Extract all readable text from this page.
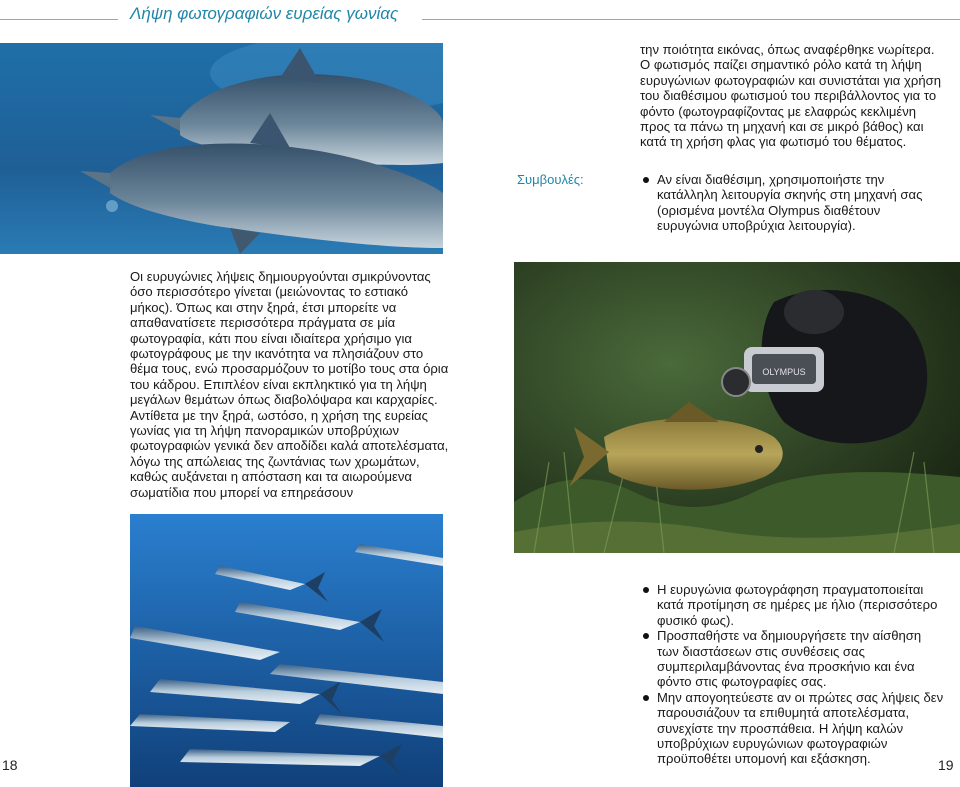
Λήψη φωτογραφιών ευρείας γωνίας

την ποιότητα εικόνας, όπως αναφέρθηκε νωρίτερα. Ο φωτισμός παίζει σημαντικό ρόλο κατά τη λήψη ευρυγώνιων φωτογραφιών και συνιστάται για χρήση του διαθέσιμου φωτισμού του περιβάλλοντος για το φόντο (φωτογραφίζοντας με ελαφρώς κεκλιμένη προς τα πάνω τη μηχανή και σε μικρό βάθος) και κατά τη χρήση φλας για φωτισμό του θέματος.

Συμβουλές:	Αν είναι διαθέσιμη, χρησιμοποιήστε την κατάλληλη λειτουργία σκηνής στη μηχανή σας (ορισμένα μοντέλα Olympus διαθέτουν ευρυγώνια υποβρύχια λειτουργία).

Οι ευρυγώνιες λήψεις δημιουργούνται σμικρύνοντας όσο περισσότερο γίνεται (μειώνοντας το εστιακό μήκος). Όπως και στην ξηρά, έτσι μπορείτε να απαθανατίσετε περισσότερα πράγματα σε μία φωτογραφία, κάτι που είναι ιδιαίτερα χρήσιμο για φωτογράφους με την ικανότητα να πλησιάζουν στο θέμα τους, ενώ προσαρμόζουν το μοτίβο τους στα όρια του κάδρου. Επιπλέον είναι εκπληκτικό για τη λήψη μεγάλων θεμάτων όπως διαβολόψαρα και καρχαρίες. Αντίθετα με την ξηρά, ωστόσο, η χρήση της ευρείας γωνίας για τη λήψη πανοραμικών υποβρύχιων φωτογραφιών γενικά δεν αποδίδει καλά αποτελέσματα, λόγω της απώλειας της ζωντάνιας των χρωμάτων, καθώς αυξάνεται η απόσταση και τα αιωρούμενα σωματίδια που μπορεί να επηρεάσουν

OLYMPUS
Η ευρυγώνια φωτογράφηση πραγματοποιείται κατά προτίμηση σε ημέρες με ήλιο (περισσότερο φυσικό φως).
Προσπαθήστε να δημιουργήσετε την αίσθηση των διαστάσεων στις συνθέσεις σας συμπεριλαμβάνοντας ένα προσκήνιο και ένα φόντο στις φωτογραφίες σας.
Μην απογοητεύεστε αν οι πρώτες σας λήψεις δεν παρουσιάζουν τα επιθυμητά αποτελέσματα, συνεχίστε την προσπάθεια. Η λήψη καλών υποβρύχιων ευρυγώνιων φωτογραφιών προϋποθέτει υπομονή και εξάσκηση.
18	19
